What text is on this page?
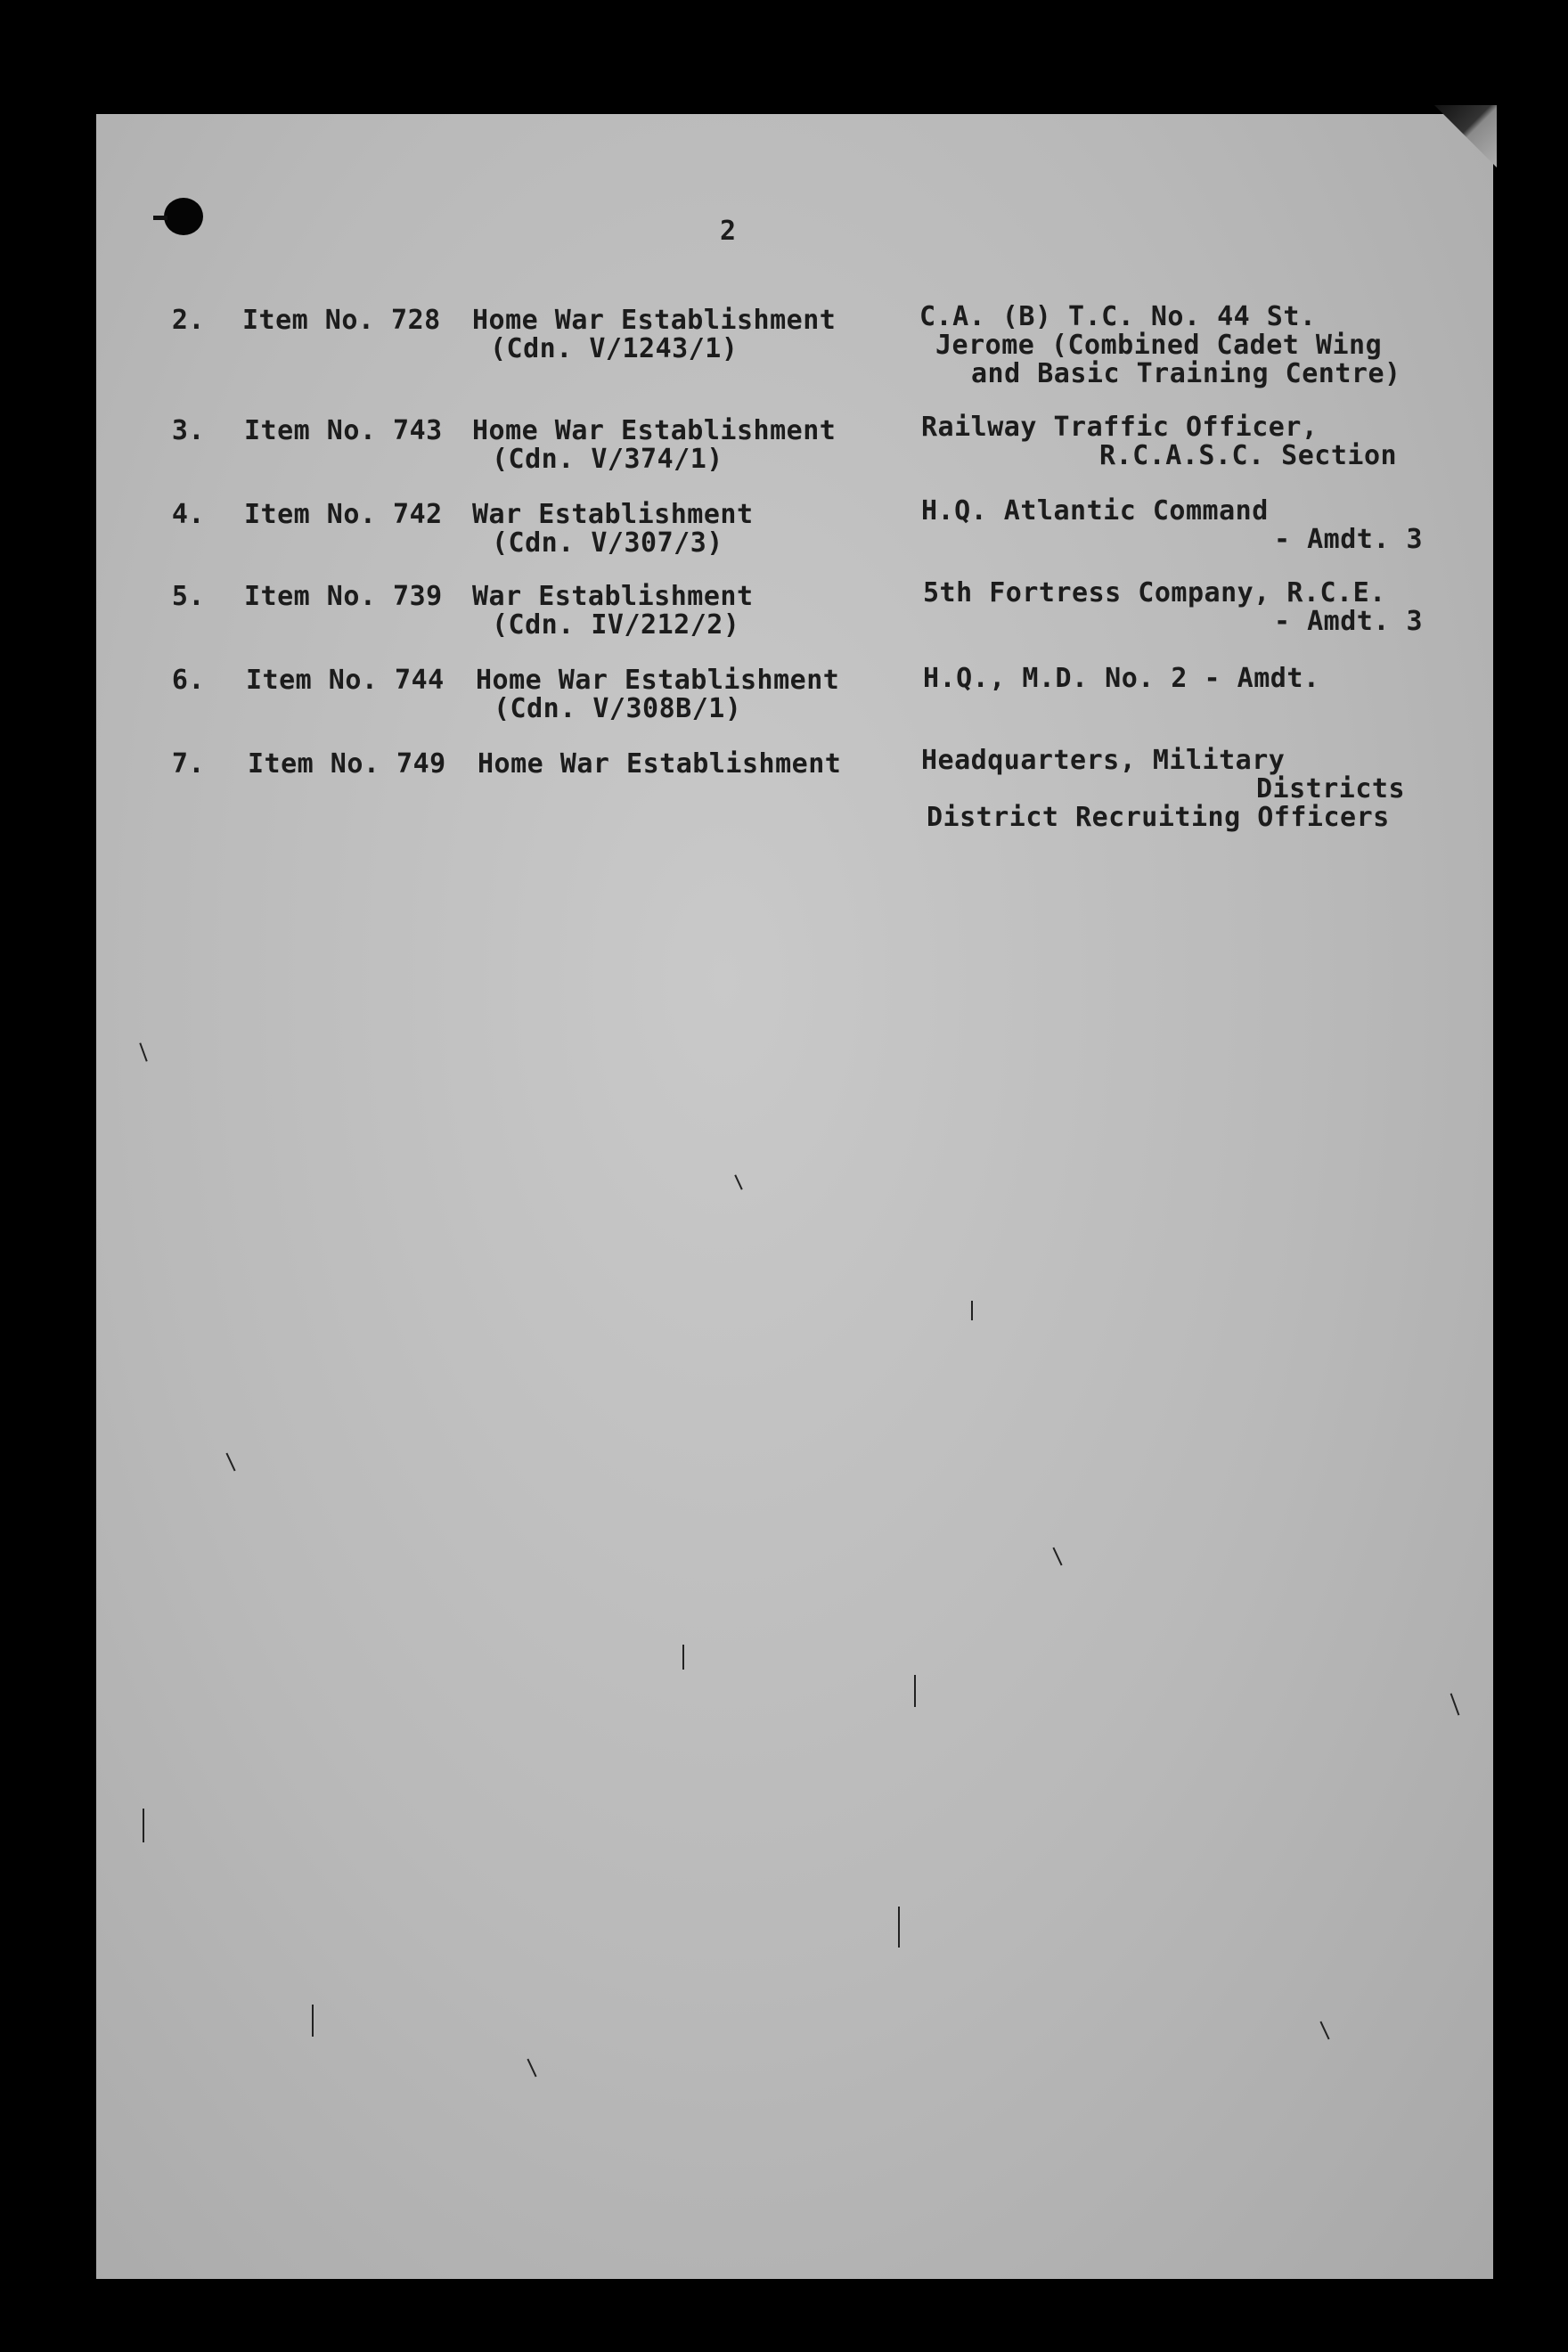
2
2. Item No. 728 Home War Establishment
(Cdn. V/1243/1)
C.A. (B) T.C. No. 44 St.
Jerome (Combined Cadet Wing
and Basic Training Centre)
3. Item No. 743 Home War Establishment
(Cdn. V/374/1)
Railway Traffic Officer,
R.C.A.S.C. Section
4. Item No. 742 War Establishment
(Cdn. V/307/3)
H.Q. Atlantic Command
- Amdt. 3
5. Item No. 739 War Establishment
(Cdn. IV/212/2)
5th Fortress Company, R.C.E.
- Amdt. 3
6. Item No. 744 Home War Establishment
(Cdn. V/308B/1)
H.Q., M.D. No. 2 - Amdt.
7. Item No. 749 Home War Establishment	Headquarters, Military
Districts
District Recruiting Officers
